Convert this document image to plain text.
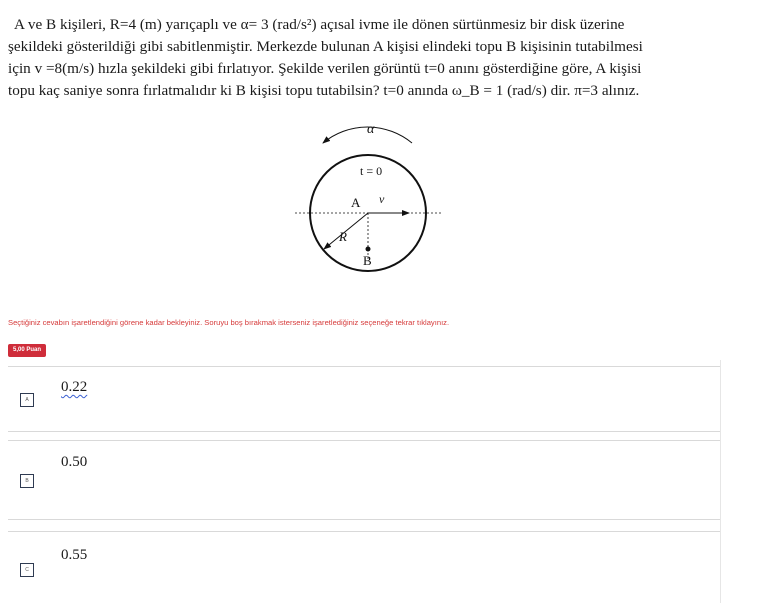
A ve B kişileri, R=4 (m) yarıçaplı ve α= 3 (rad/s²) açısal ivme ile dönen sürtünmesiz bir disk üzerine
şekildeki gösterildiği gibi sabitlenmiştir. Merkezde bulunan A kişisi elindeki topu B kişisinin tutabilmesi
için v =8(m/s) hızla şekildeki gibi fırlatıyor. Şekilde verilen görüntü t=0 anını gösterdiğine göre, A kişisi
topu kaç saniye sonra fırlatmalıdır ki B kişisi topu tutabilsin? t=0 anında ω_B = 1 (rad/s) dir. π=3 alınız.
α
t = 0
A v⃗
R
B
Seçtiğiniz cevabın işaretlendiğini görene kadar bekleyiniz. Soruyu boş bırakmak isterseniz işaretlediğiniz seçeneğe tekrar tıklayınız.
5,00 Puan
A
0.22
B
0.50
C
0.55
